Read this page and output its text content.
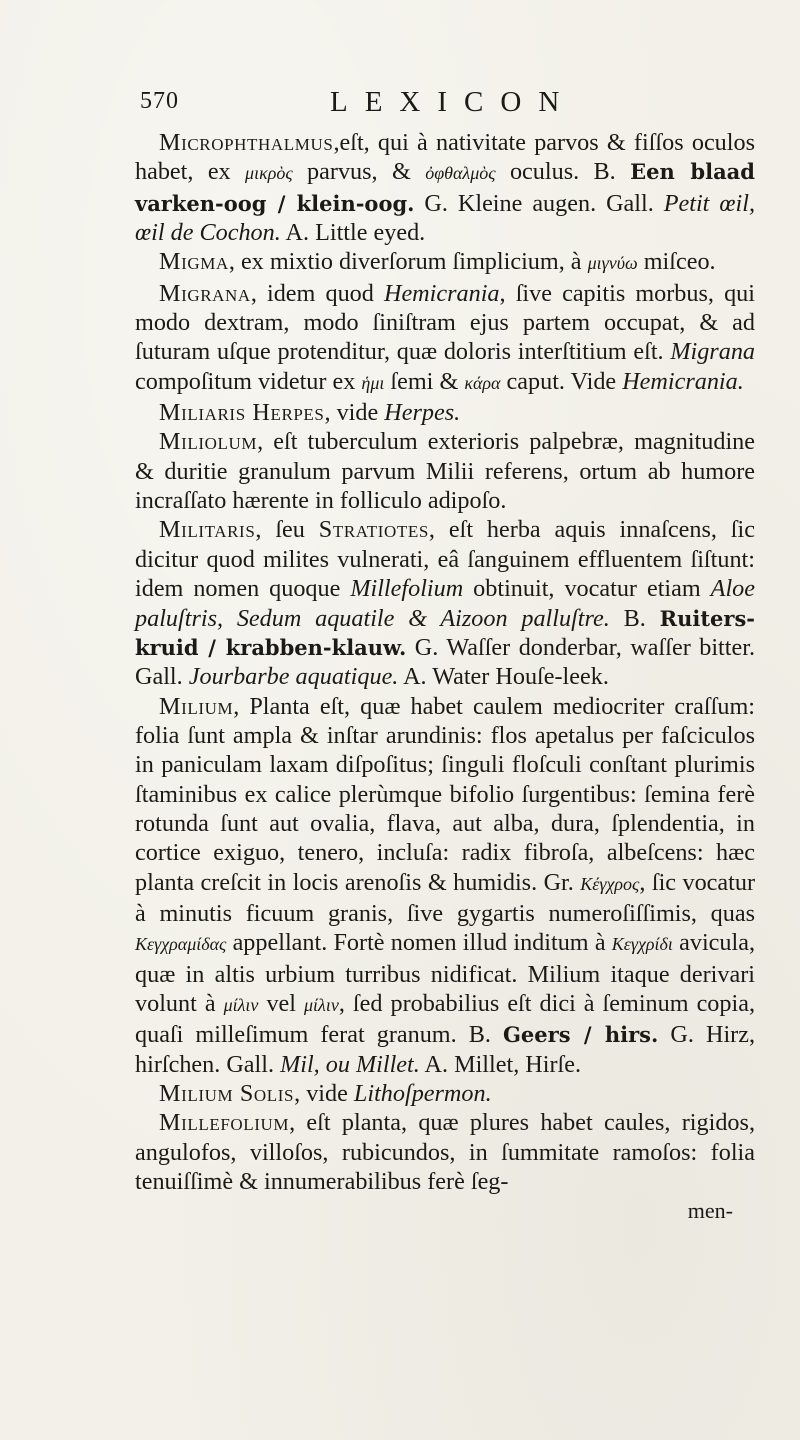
570	LEXICON

Microphthalmus,eſt, qui à nativitate parvos & fiſſos oculos habet, ex μικρὸς parvus, & ὀφθαλμὸς oculus. B. Een blaad varken-oog / klein-oog. G. Kleine augen. Gall. Petit œil, œil de Cochon. A. Little eyed.

Migma, ex mixtio diverſorum ſimplicium, à μιγνύω miſceo.

Migrana, idem quod Hemicrania, ſive capitis morbus, qui modo dextram, modo ſiniſtram ejus partem occupat, & ad ſuturam uſque protenditur, quæ doloris interſtitium eſt. Migrana compoſitum videtur ex ἡμι ſemi & κάρα caput. Vide Hemicrania.

Miliaris Herpes, vide Herpes.

Miliolum, eſt tuberculum exterioris palpebræ, magnitudine & duritie granulum parvum Milii referens, ortum ab humore incraſſato hærente in folliculo adipoſo.

Militaris, ſeu Stratiotes, eſt herba aquis innaſcens, ſic dicitur quod milites vulnerati, eâ ſanguinem effluentem ſiſtunt: idem nomen quoque Millefolium obtinuit, vocatur etiam Aloe paluſtris, Sedum aquatile & Aizoon palluſtre. B. Ruiters-kruid / krabben-klauw. G. Waſſer donderbar, waſſer bitter. Gall. Jourbarbe aquatique. A. Water Houſe-leek.

Milium, Planta eſt, quæ habet caulem mediocriter craſſum: folia ſunt ampla & inſtar arundinis: flos apetalus per faſciculos in paniculam laxam diſpoſitus; ſinguli floſculi conſtant plurimis ſtaminibus ex calice plerùmque bifolio ſurgentibus: ſemina ferè rotunda ſunt aut ovalia, flava, aut alba, dura, ſplendentia, in cortice exiguo, tenero, incluſa: radix fibroſa, albeſcens: hæc planta creſcit in locis arenoſis & humidis. Gr. Κέγχρος, ſic vocatur à minutis ficuum granis, ſive gygartis numeroſiſſimis, quas Κεγχραμίδας appellant. Fortè nomen illud inditum à Κεγχρίδι avicula, quæ in altis urbium turribus nidificat. Milium itaque derivari volunt à μίλιν vel μίλιν, ſed probabilius eſt dici à ſeminum copia, quaſi milleſimum ferat granum. B. Geers / hirs. G. Hirz, hirſchen. Gall. Mil, ou Millet. A. Millet, Hirſe.

Milium Solis, vide Lithoſpermon.

Millefolium, eſt planta, quæ plures habet caules, rigidos, angulofos, villoſos, rubicundos, in ſummitate ramoſos: folia tenuiſſimè & innumerabilibus ferè ſeg-

men-
